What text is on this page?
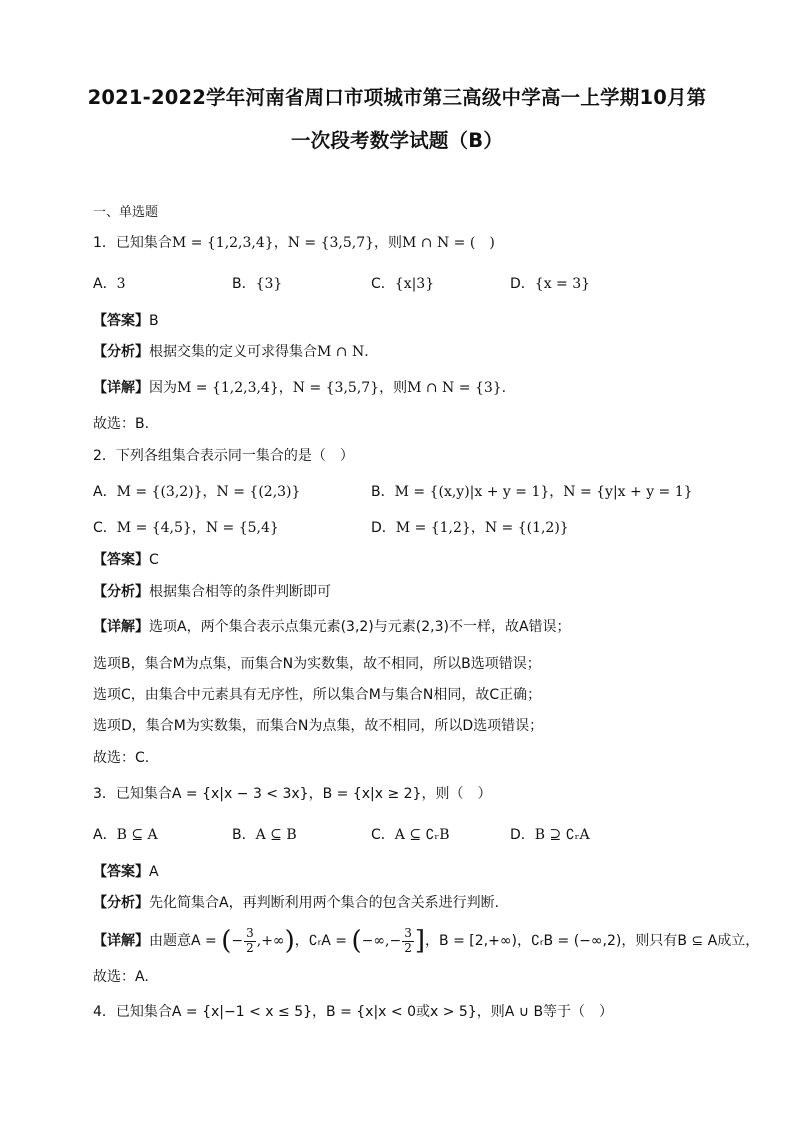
2021-2022学年河南省周口市项城市第三高级中学高一上学期10月第
一次段考数学试题（B）
一、单选题
1．已知集合M = {1,2,3,4}，N = {3,5,7}，则M ∩ N = (　)
A．3	B．{3}	C．{x|3}	D．{x = 3}
【答案】B
【分析】根据交集的定义可求得集合M ∩ N.
【详解】因为M = {1,2,3,4}，N = {3,5,7}，则M ∩ N = {3}.
故选：B.
2．下列各组集合表示同一集合的是（　）
A．M = {(3,2)}，N = {(2,3)}	B．M = {(x,y)|x + y = 1}，N = {y|x + y = 1}
C．M = {4,5}，N = {5,4}	D．M = {1,2}，N = {(1,2)}
【答案】C
【分析】根据集合相等的条件判断即可
【详解】选项A，两个集合表示点集元素(3,2)与元素(2,3)不一样，故A错误；
选项B，集合M为点集，而集合N为实数集，故不相同，所以B选项错误；
选项C，由集合中元素具有无序性，所以集合M与集合N相同，故C正确；
选项D，集合M为实数集，而集合N为点集，故不相同，所以D选项错误；
故选：C.
3．已知集合A = {x|x − 3 < 3x}，B = {x|x ≥ 2}，则（　）
A．B ⊆ A	B．A ⊆ B	C．A ⊆ ∁ᵣB	D．B ⊇ ∁ᵣA
【答案】A
【分析】先化简集合A，再判断利用两个集合的包含关系进行判断.
【详解】由题意A = (− $\frac{3}{2}$ ,+∞)，∁ᵣA = (−∞,− $\frac{3}{2}$ ]，B = [2,+∞)，∁ᵣB = (−∞,2)，则只有B ⊆ A成立，
故选：A.
4．已知集合A = {x|−1 < x ≤ 5}，B = {x|x < 0或x > 5}，则A ∪ B等于（　）
